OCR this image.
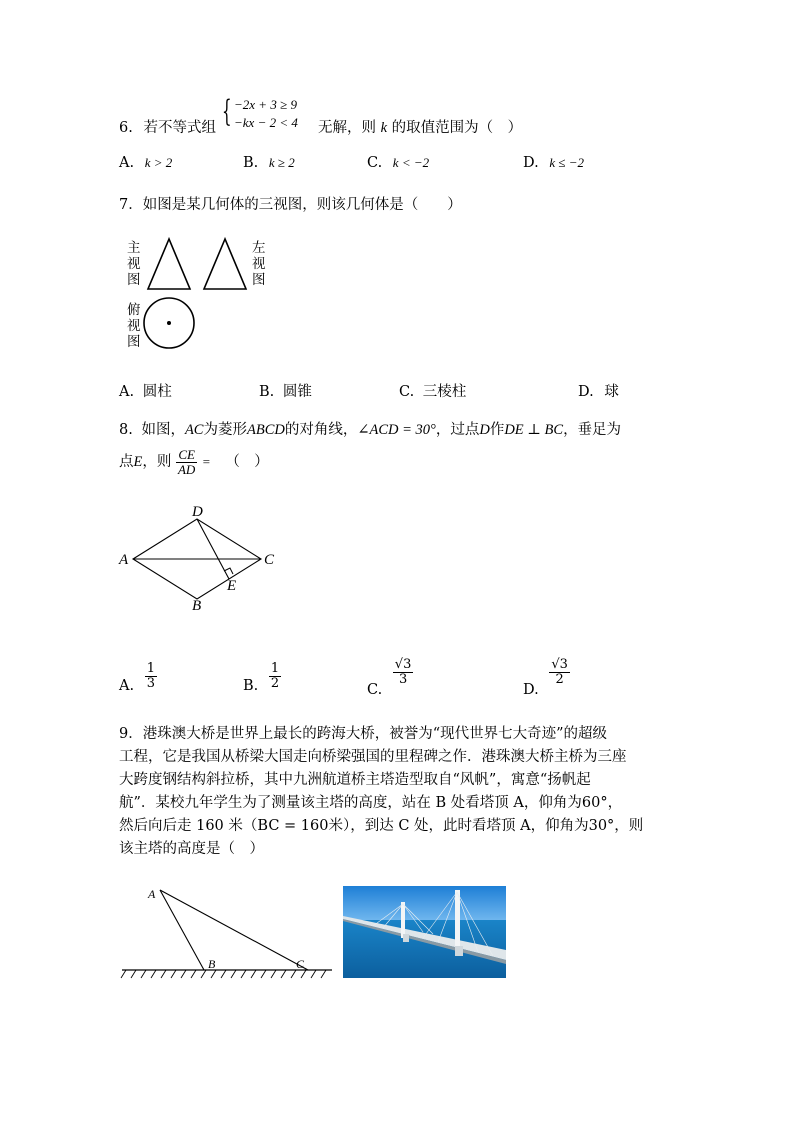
6. 若不等式组 { −2x + 3 ≥ 9
−kx − 2 < 4 无解，则 k 的取值范围为（　）
A. k > 2	B. k ≥ 2	C. k < −2	D. k ≤ −2
7．如图是某几何体的三视图，则该几何体是（　　）
主视图
左视图
俯视图
A. 圆柱	B. 圆锥	C. 三棱柱	D. 球
8. 如图，AC为菱形ABCD的对角线，∠ACD = 30°，过点D作DE ⊥ BC，垂足为
点E，则 $\frac{CE}{AD}$ = （　）
A
D
C
E
B
A. $\frac{1}{3}$	B. $\frac{1}{2}$	C.
$\frac{√3}{3}$
D.
$\frac{√3}{2}$
9．港珠澳大桥是世界上最长的跨海大桥，被誉为“现代世界七大奇迹”的超级
工程，它是我国从桥梁大国走向桥梁强国的里程碑之作．港珠澳大桥主桥为三座
大跨度钢结构斜拉桥，其中九洲航道桥主塔造型取自“风帆”，寓意“扬帆起
航”．某校九年学生为了测量该主塔的高度，站在 B 处看塔顶 A，仰角为60°，
然后向后走 160 米（BC = 160米），到达 C 处，此时看塔顶 A，仰角为30°，则
该主塔的高度是（　）
A
B	C
